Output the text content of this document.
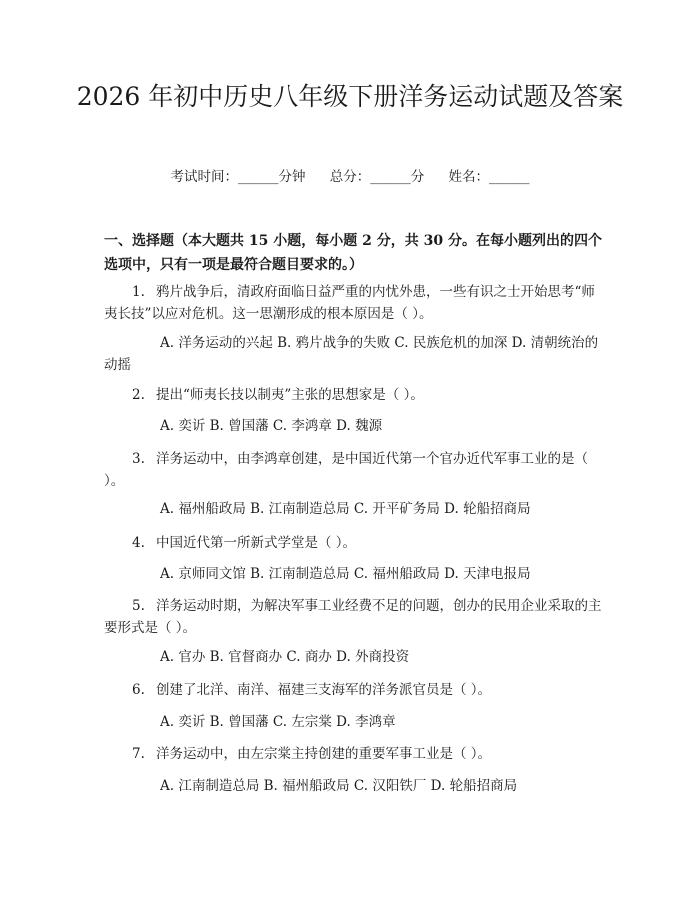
2026 年初中历史八年级下册洋务运动试题及答案
考试时间：______分钟 总分：______分 姓名：______

一、选择题（本大题共 15 小题，每小题 2 分，共 30 分。在每小题列出的四个选项中，只有一项是最符合题目要求的。）

1. 鸦片战争后，清政府面临日益严重的内忧外患，一些有识之士开始思考“师夷长技”以应对危机。这一思潮形成的根本原因是（ ）。

A. 洋务运动的兴起 B. 鸦片战争的失败 C. 民族危机的加深 D. 清朝统治的动摇

2. 提出“师夷长技以制夷”主张的思想家是（ ）。

A. 奕䜣 B. 曾国藩 C. 李鸿章 D. 魏源

3. 洋务运动中，由李鸿章创建，是中国近代第一个官办近代军事工业的是（ ）。

A. 福州船政局 B. 江南制造总局 C. 开平矿务局 D. 轮船招商局

4. 中国近代第一所新式学堂是（ ）。

A. 京师同文馆 B. 江南制造总局 C. 福州船政局 D. 天津电报局

5. 洋务运动时期，为解决军事工业经费不足的问题，创办的民用企业采取的主要形式是（ ）。

A. 官办 B. 官督商办 C. 商办 D. 外商投资

6. 创建了北洋、南洋、福建三支海军的洋务派官员是（ ）。

A. 奕䜣 B. 曾国藩 C. 左宗棠 D. 李鸿章

7. 洋务运动中，由左宗棠主持创建的重要军事工业是（ ）。

A. 江南制造总局 B. 福州船政局 C. 汉阳铁厂 D. 轮船招商局
